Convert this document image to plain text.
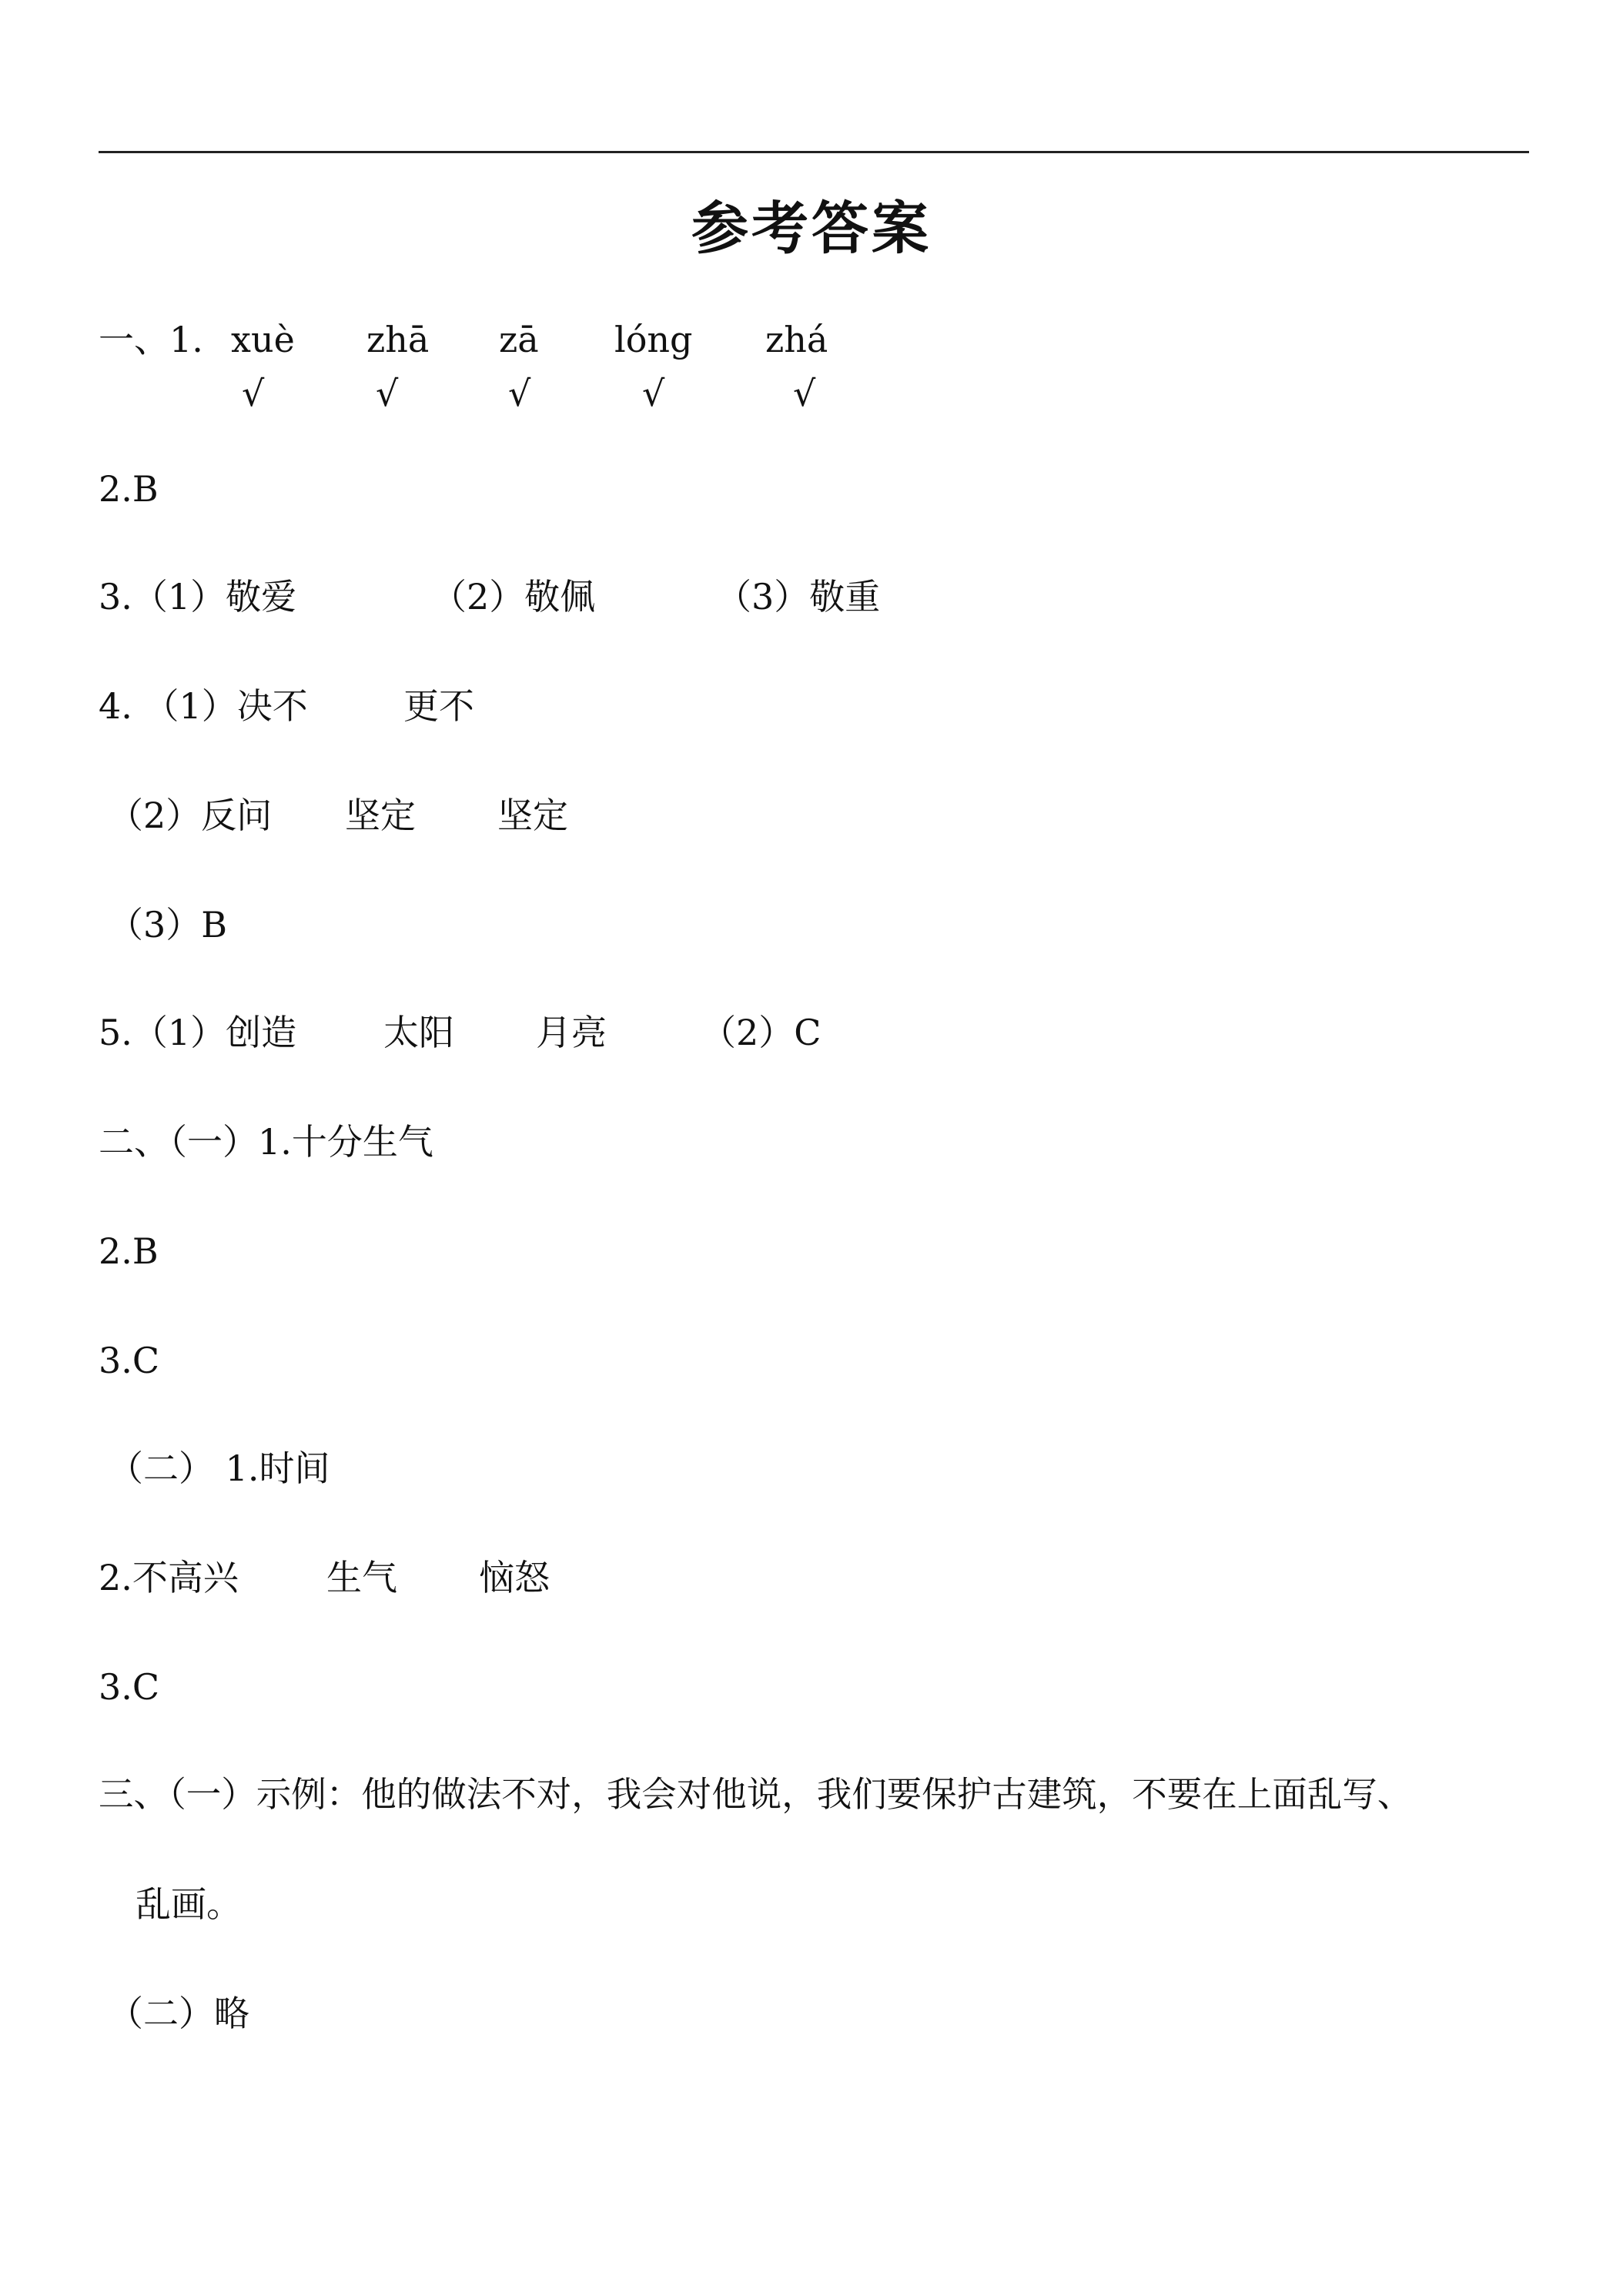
参考答案
一、1. xuè zhā zā lóng zhá
√	√	√	√	√
2.B
3.（1）敬爱	（2）敬佩	（3）敬重
4. （1）决不	更不
（2）反问 坚定 坚定
（3）B
5.（1）创造 太阳 月亮	（2）C
二、（一）1.十分生气
2.B
3.C
（二） 1.时间
2.不高兴 生气 恼怒
3.C
三、（一）示例：他的做法不对，我会对他说，我们要保护古建筑，不要在上面乱写、
乱画。
（二）略
